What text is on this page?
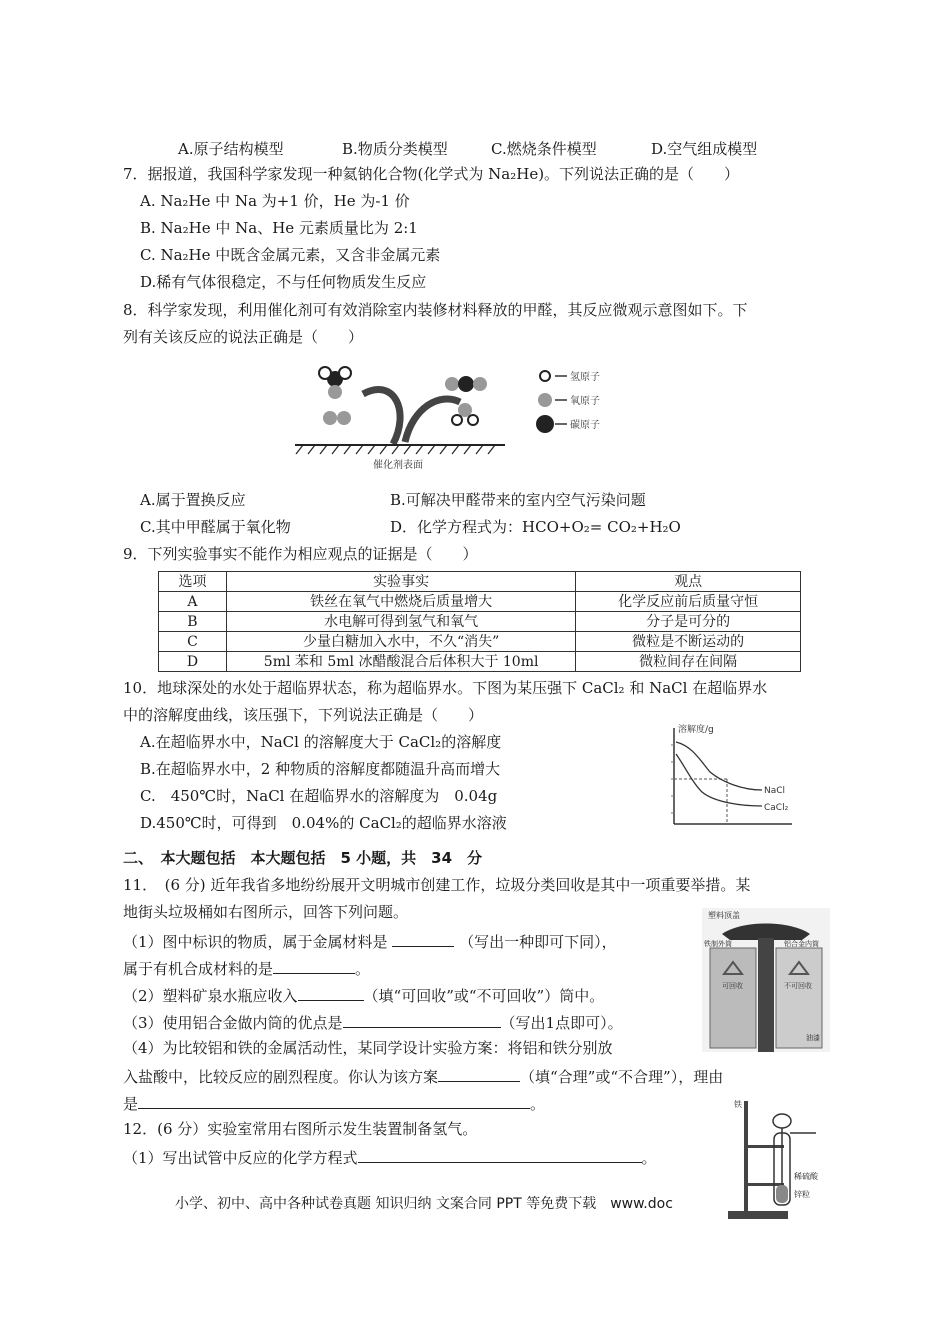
A.原子结构模型	B.物质分类模型	C.燃烧条件模型	D.空气组成模型
7．据报道，我国科学家发现一种氦钠化合物(化学式为 Na₂He)。下列说法正确的是（　　）
A. Na₂He 中 Na 为+1 价，He 为-1 价
B. Na₂He 中 Na、He 元素质量比为 2:1
C. Na₂He 中既含金属元素，又含非金属元素
D.稀有气体很稳定，不与任何物质发生反应
8．科学家发现，利用催化剂可有效消除室内装修材料释放的甲醛，其反应微观示意图如下。下
列有关该反应的说法正确是（　　）
催化剂表面
氢原子
氧原子
碳原子
A.属于置换反应	B.可解决甲醛带来的室内空气污染问题
C.其中甲醛属于氧化物	D．化学方程式为：HCO+O₂= CO₂+H₂O
9．下列实验事实不能作为相应观点的证据是（　　）
选项	实验事实	观点
A	铁丝在氧气中燃烧后质量增大	化学反应前后质量守恒
B	水电解可得到氢气和氧气	分子是可分的
C	少量白糖加入水中，不久“消失”	微粒是不断运动的
D	5ml 苯和 5ml 冰醋酸混合后体积大于 10ml	微粒间存在间隔
10．地球深处的水处于超临界状态，称为超临界水。下图为某压强下 CaCl₂ 和 NaCl 在超临界水
中的溶解度曲线，该压强下，下列说法正确是（　　）
A.在超临界水中，NaCl 的溶解度大于 CaCl₂的溶解度
B.在超临界水中，2 种物质的溶解度都随温升高而增大
C.　450℃时，NaCl 在超临界水的溶解度为　0.04g
D.450℃时，可得到　0.04%的 CaCl₂的超临界水溶液
溶解度/g
NaCl
CaCl₂
二、　本大题包括　本大题包括　5 小题，共　34　分
11．　(6 分) 近年我省多地纷纷展开文明城市创建工作，垃圾分类回收是其中一项重要举措。某
地街头垃圾桶如右图所示，回答下列问题。
（1）图中标识的物质，属于金属材料是	（写出一种即可下同），
属于有机合成材料的是	。
（2）塑料矿泉水瓶应收入	（填“可回收”或“不可回收”）筒中。
（3）使用铝合金做内筒的优点是	（写出1点即可）。
（4）为比较铝和铁的金属活动性，某同学设计实验方案：将铝和铁分别放
入盐酸中，比较反应的剧烈程度。你认为该方案	（填“合理”或“不合理”），理由
是	。
塑料顶盖
铁制外筒	铝合金内筒
可回收	不可回收
油漆
12．(6 分）实验室常用右图所示发生装置制备氢气。
（1）写出试管中反应的化学方程式	。
铁
稀硫酸
锌粒
小学、初中、高中各种试卷真题 知识归纳 文案合同 PPT 等免费下载　www.doc
